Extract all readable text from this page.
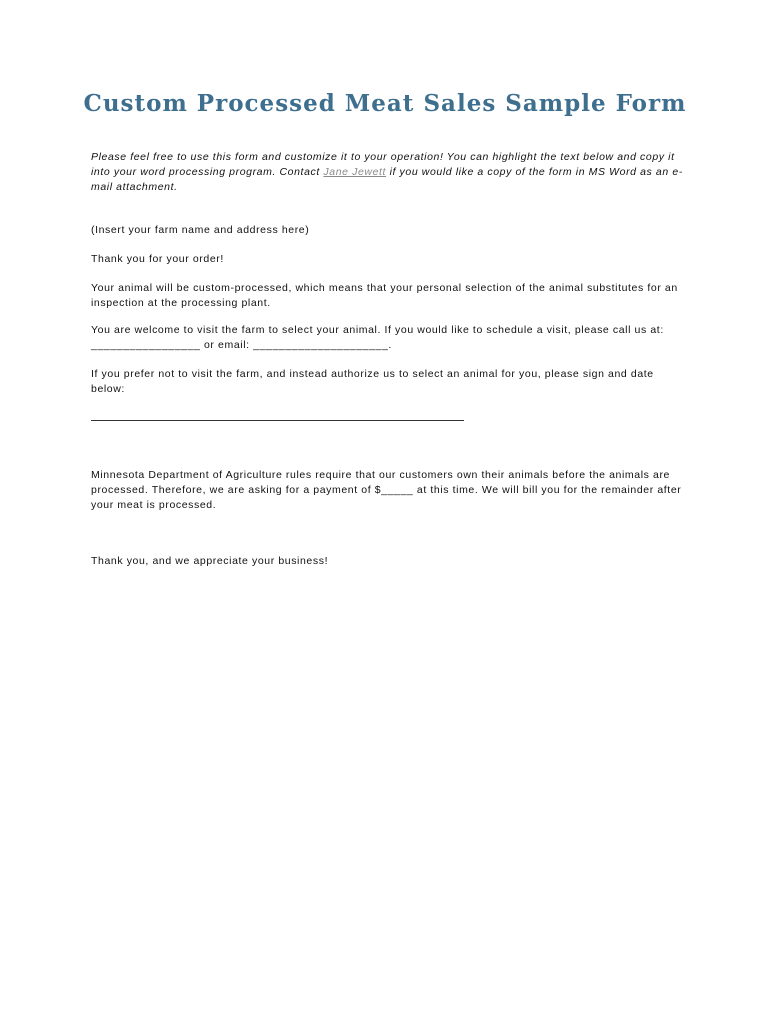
Custom Processed Meat Sales Sample Form

Please feel free to use this form and customize it to your operation! You can highlight the text below and copy it into your word processing program. Contact Jane Jewett if you would like a copy of the form in MS Word as an e-mail attachment.

(Insert your farm name and address here)

Thank you for your order!

Your animal will be custom-processed, which means that your personal selection of the animal substitutes for an inspection at the processing plant.

You are welcome to visit the farm to select your animal. If you would like to schedule a visit, please call us at: _________________ or email: _____________________.

If you prefer not to visit the farm, and instead authorize us to select an animal for you, please sign and date below:

Minnesota Department of Agriculture rules require that our customers own their animals before the animals are processed. Therefore, we are asking for a payment of $_____ at this time. We will bill you for the remainder after your meat is processed.

Thank you, and we appreciate your business!
